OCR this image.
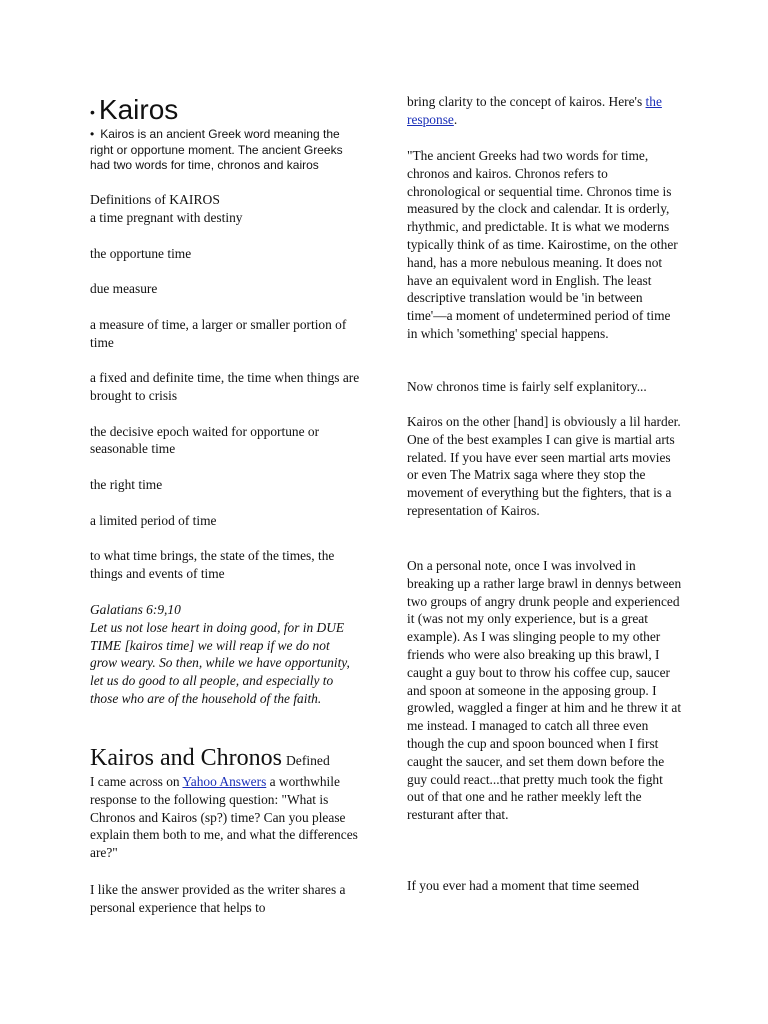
• Kairos
• Kairos is an ancient Greek word meaning the right or opportune moment. The ancient Greeks had two words for time, chronos and kairos
Definitions of KAIROS
a time pregnant with destiny
the opportune time
due measure
a measure of time, a larger or smaller portion of time
a fixed and definite time, the time when things are brought to crisis
the decisive epoch waited for opportune or seasonable time
the right time
a limited period of time
to what time brings, the state of the times, the things and events of time
Galatians 6:9,10
Let us not lose heart in doing good, for in DUE TIME [kairos time] we will reap if we do not grow weary. So then, while we have opportunity, let us do good to all people, and especially to those who are of the household of the faith.
Kairos and Chronos Defined

I came across on Yahoo Answers a worthwhile response to the following question: "What is Chronos and Kairos (sp?) time? Can you please explain them both to me, and what the differences are?"

I like the answer provided as the writer shares a personal experience that helps to

bring clarity to the concept of kairos. Here's the response.

"The ancient Greeks had two words for time, chronos and kairos. Chronos refers to chronological or sequential time. Chronos time is measured by the clock and calendar. It is orderly, rhythmic, and predictable. It is what we moderns typically think of as time. Kairostime, on the other hand, has a more nebulous meaning. It does not have an equivalent word in English. The least descriptive translation would be 'in between time'—a moment of undetermined period of time in which 'something' special happens.

Now chronos time is fairly self explanitory...

Kairos on the other [hand] is obviously a lil harder. One of the best examples I can give is martial arts related. If you have ever seen martial arts movies or even The Matrix saga where they stop the movement of everything but the fighters, that is a representation of Kairos.

On a personal note, once I was involved in breaking up a rather large brawl in dennys between two groups of angry drunk people and experienced it (was not my only experience, but is a great example). As I was slinging people to my other friends who were also breaking up this brawl, I caught a guy bout to throw his coffee cup, saucer and spoon at someone in the apposing group. I growled, waggled a finger at him and he threw it at me instead. I managed to catch all three even though the cup and spoon bounced when I first caught the saucer, and set them down before the guy could react...that pretty much took the fight out of that one and he rather meekly left the resturant after that.

If you ever had a moment that time seemed
